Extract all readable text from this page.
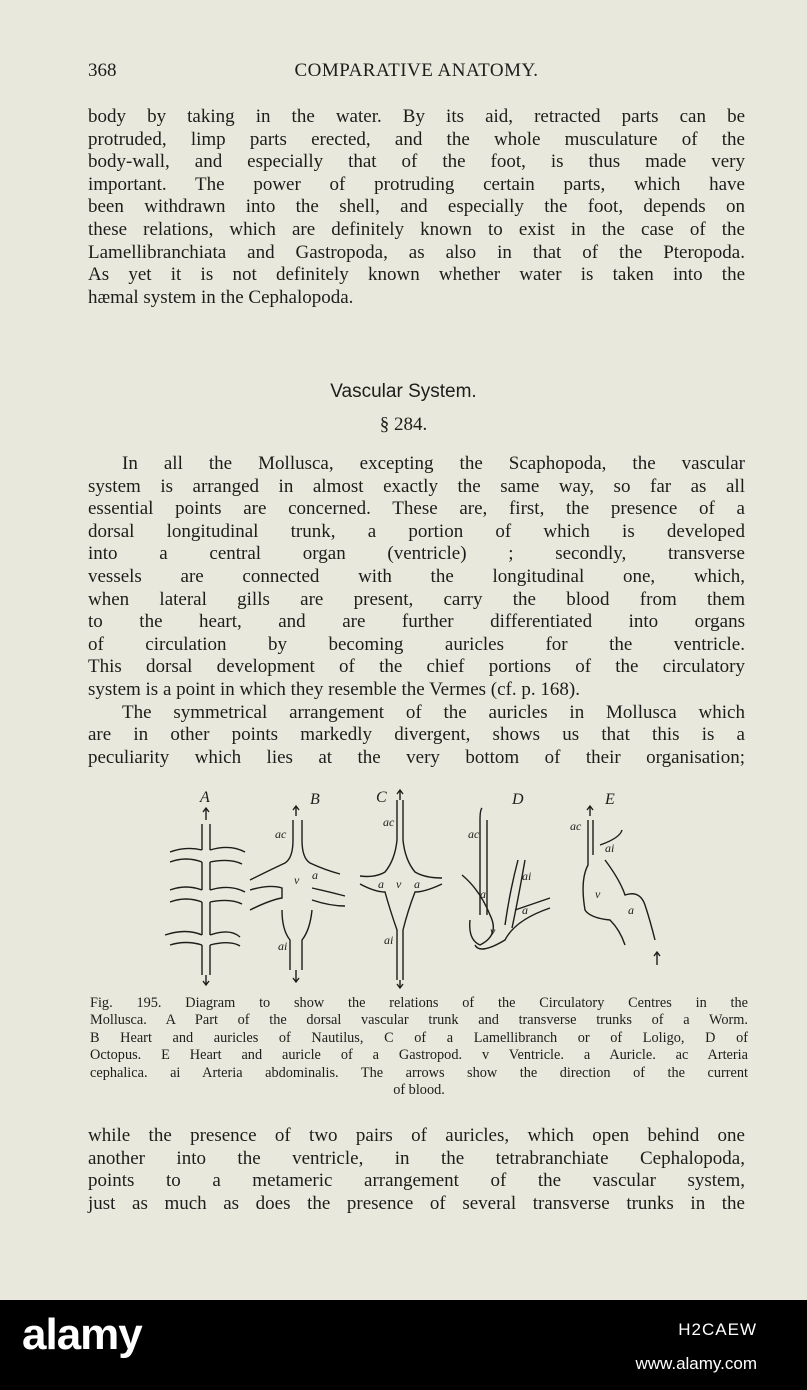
368	COMPARATIVE ANATOMY.
body by taking in the water. By its aid, retracted parts can be
protruded, limp parts erected, and the whole musculature of the
body-wall, and especially that of the foot, is thus made very
important. The power of protruding certain parts, which have
been withdrawn into the shell, and especially the foot, depends on
these relations, which are definitely known to exist in the case of the
Lamellibranchiata and Gastropoda, as also in that of the Pteropoda.
As yet it is not definitely known whether water is taken into the
hæmal system in the Cephalopoda.
Vascular System.
§ 284.
In all the Mollusca, excepting the Scaphopoda, the vascular
system is arranged in almost exactly the same way, so far as all
essential points are concerned. These are, first, the presence of a
dorsal longitudinal trunk, a portion of which is developed
into a central organ (ventricle) ; secondly, transverse
vessels are connected with the longitudinal one, which,
when lateral gills are present, carry the blood from them
to the heart, and are further differentiated into organs
of circulation by becoming auricles for the ventricle.
This dorsal development of the chief portions of the circulatory
system is a point in which they resemble the Vermes (cf. p. 168).
The symmetrical arrangement of the auricles in Mollusca which
are in other points markedly divergent, shows us that this is a
peculiarity which lies at the very bottom of their organisation;
A	B	C	D	E
ac
v a
ai
ac
a v a
ai
ac
ai
a
a
v
ac
ai
v
a
Fig. 195. Diagram to show the relations of the Circulatory Centres in the
Mollusca. A Part of the dorsal vascular trunk and transverse trunks of a Worm.
B Heart and auricles of Nautilus, C of a Lamellibranch or of Loligo, D of
Octopus. E Heart and auricle of a Gastropod. v Ventricle. a Auricle. ac Arteria
cephalica. ai Arteria abdominalis. The arrows show the direction of the current
of blood.
while the presence of two pairs of auricles, which open behind one
another into the ventricle, in the tetrabranchiate Cephalopoda,
points to a metameric arrangement of the vascular system,
just as much as does the presence of several transverse trunks in the
alamy	H2CAEW
www.alamy.com
